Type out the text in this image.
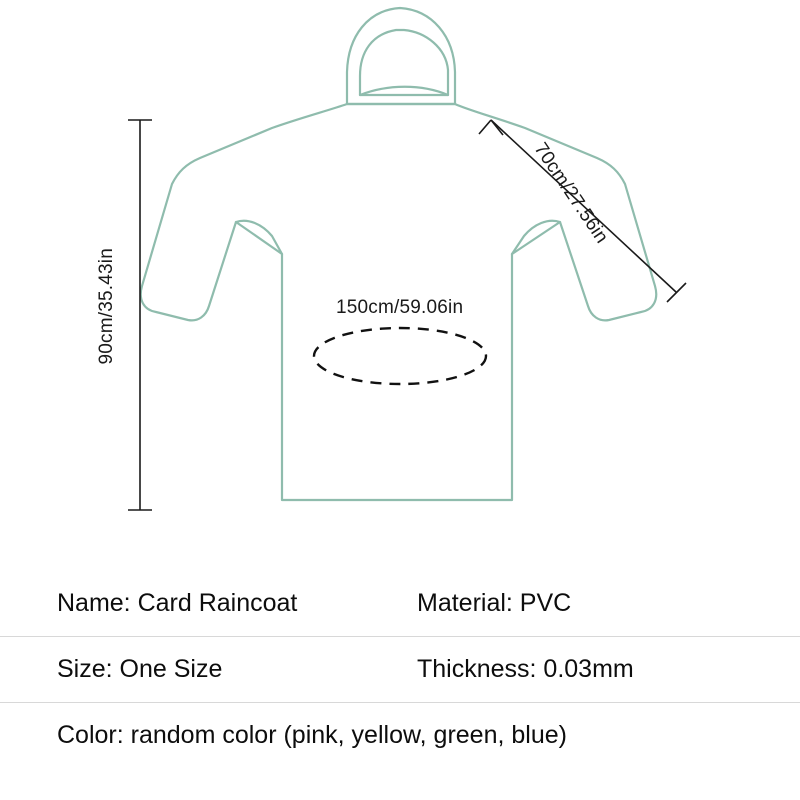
90cm/35.43in
70cm/27.56in
150cm/59.06in
Name: Card Raincoat	Material: PVC
Size: One Size	Thickness: 0.03mm
Color: random color (pink, yellow, green, blue)
